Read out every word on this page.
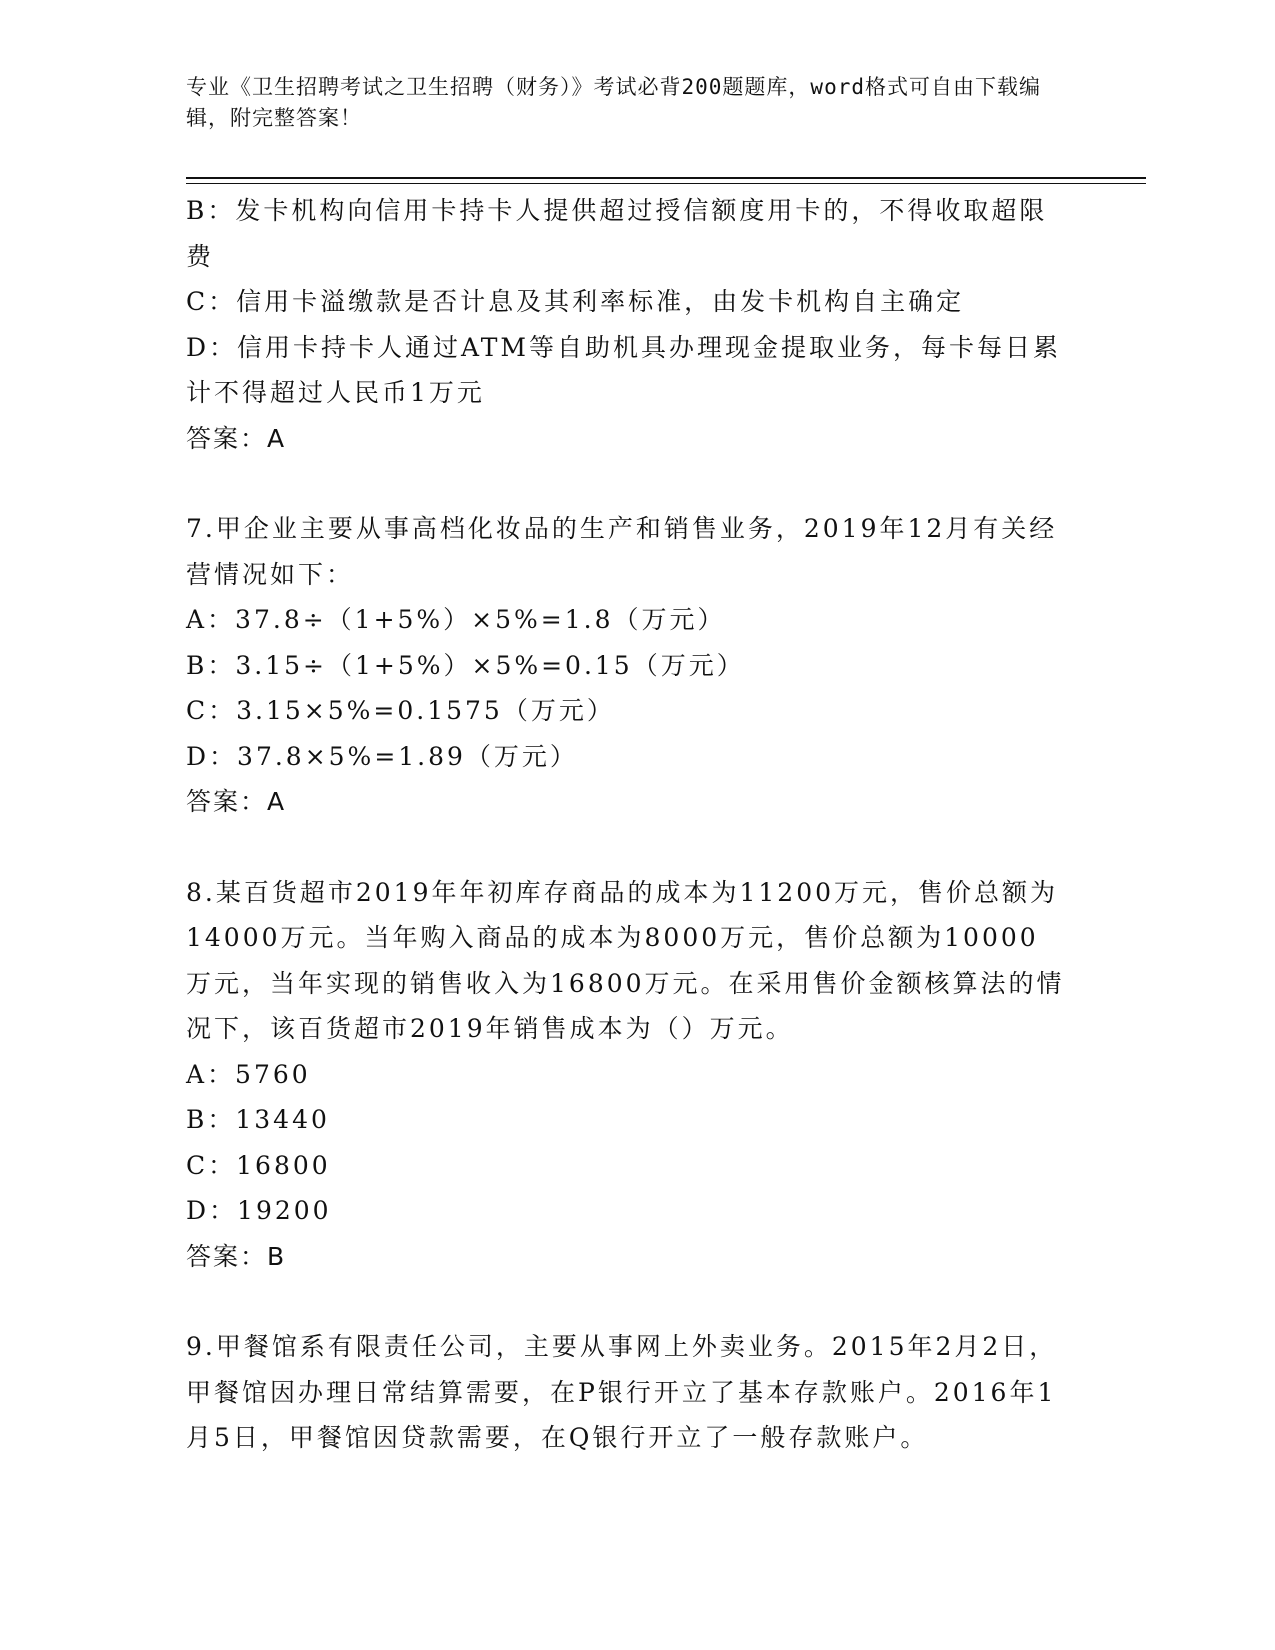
专业《卫生招聘考试之卫生招聘（财务）》考试必背200题题库，word格式可自由下载编辑，附完整答案！
B：发卡机构向信用卡持卡人提供超过授信额度用卡的，不得收取超限费
C：信用卡溢缴款是否计息及其利率标准，由发卡机构自主确定
D：信用卡持卡人通过ATM等自助机具办理现金提取业务，每卡每日累计不得超过人民币1万元
答案：A
7.甲企业主要从事高档化妆品的生产和销售业务，2019年12月有关经营情况如下：
A：37.8÷（1+5%）×5%=1.8（万元）
B：3.15÷（1+5%）×5%=0.15（万元）
C：3.15×5%=0.1575（万元）
D：37.8×5%=1.89（万元）
答案：A
8.某百货超市2019年年初库存商品的成本为11200万元，售价总额为14000万元。当年购入商品的成本为8000万元，售价总额为10000万元，当年实现的销售收入为16800万元。在采用售价金额核算法的情况下，该百货超市2019年销售成本为（）万元。
A：5760
B：13440
C：16800
D：19200
答案：B
9.甲餐馆系有限责任公司，主要从事网上外卖业务。2015年2月2日，甲餐馆因办理日常结算需要，在P银行开立了基本存款账户。2016年1月5日，甲餐馆因贷款需要，在Q银行开立了一般存款账户。
